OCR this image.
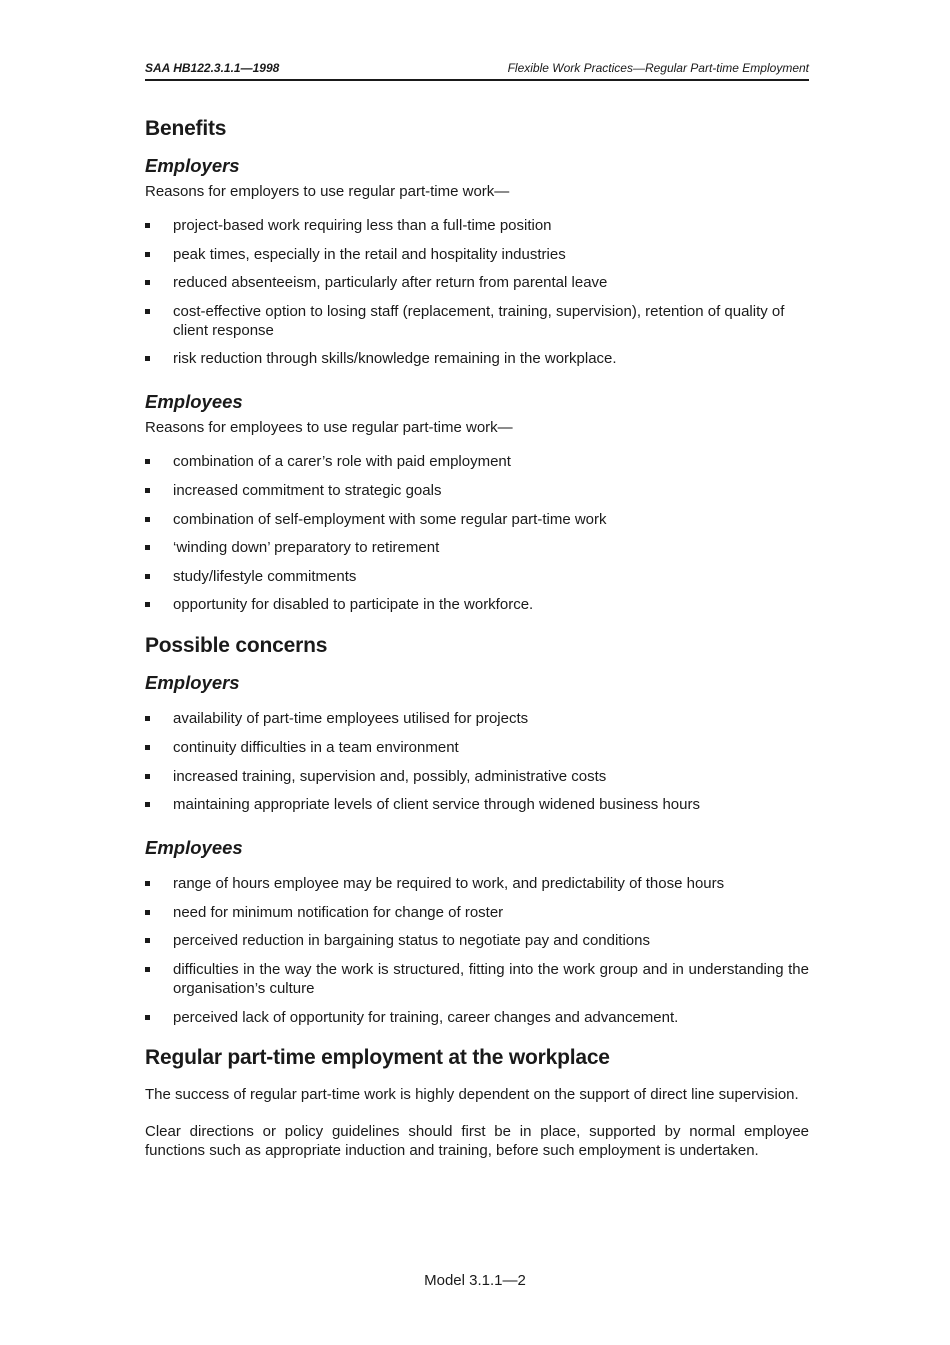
SAA HB122.3.1.1—1998	Flexible Work Practices—Regular Part-time Employment
Benefits
Employers

Reasons for employers to use regular part-time work—

project-based work requiring less than a full-time position
peak times, especially in the retail and hospitality industries
reduced absenteeism, particularly after return from parental leave
cost-effective option to losing staff (replacement, training, supervision), retention of quality of client response
risk reduction through skills/knowledge remaining in the workplace.
Employees

Reasons for employees to use regular part-time work—

combination of a carer’s role with paid employment
increased commitment to strategic goals
combination of self-employment with some regular part-time work
‘winding down’ preparatory to retirement
study/lifestyle commitments
opportunity for disabled to participate in the workforce.
Possible concerns
Employers
availability of part-time employees utilised for projects
continuity difficulties in a team environment
increased training, supervision and, possibly, administrative costs
maintaining appropriate levels of client service through widened business hours
Employees
range of hours employee may be required to work, and predictability of those hours
need for minimum notification for change of roster
perceived reduction in bargaining status to negotiate pay and conditions
difficulties in the way the work is structured, fitting into the work group and in understanding the organisation’s culture
perceived lack of opportunity for training, career changes and advancement.
Regular part-time employment at the workplace

The success of regular part-time work is highly dependent on the support of direct line supervision.

Clear directions or policy guidelines should first be in place, supported by normal employee functions such as appropriate induction and training, before such employment is undertaken.

Model 3.1.1—2
